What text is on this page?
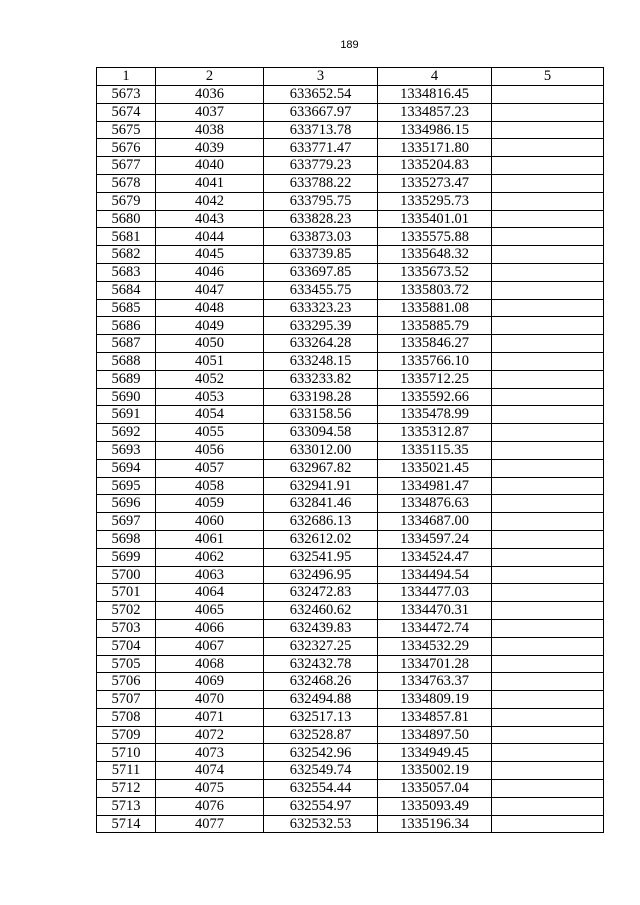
189
1	2	3	4	5
5673	4036	633652.54	1334816.45	
5674	4037	633667.97	1334857.23	
5675	4038	633713.78	1334986.15	
5676	4039	633771.47	1335171.80	
5677	4040	633779.23	1335204.83	
5678	4041	633788.22	1335273.47	
5679	4042	633795.75	1335295.73	
5680	4043	633828.23	1335401.01	
5681	4044	633873.03	1335575.88	
5682	4045	633739.85	1335648.32	
5683	4046	633697.85	1335673.52	
5684	4047	633455.75	1335803.72	
5685	4048	633323.23	1335881.08	
5686	4049	633295.39	1335885.79	
5687	4050	633264.28	1335846.27	
5688	4051	633248.15	1335766.10	
5689	4052	633233.82	1335712.25	
5690	4053	633198.28	1335592.66	
5691	4054	633158.56	1335478.99	
5692	4055	633094.58	1335312.87	
5693	4056	633012.00	1335115.35	
5694	4057	632967.82	1335021.45	
5695	4058	632941.91	1334981.47	
5696	4059	632841.46	1334876.63	
5697	4060	632686.13	1334687.00	
5698	4061	632612.02	1334597.24	
5699	4062	632541.95	1334524.47	
5700	4063	632496.95	1334494.54	
5701	4064	632472.83	1334477.03	
5702	4065	632460.62	1334470.31	
5703	4066	632439.83	1334472.74	
5704	4067	632327.25	1334532.29	
5705	4068	632432.78	1334701.28	
5706	4069	632468.26	1334763.37	
5707	4070	632494.88	1334809.19	
5708	4071	632517.13	1334857.81	
5709	4072	632528.87	1334897.50	
5710	4073	632542.96	1334949.45	
5711	4074	632549.74	1335002.19	
5712	4075	632554.44	1335057.04	
5713	4076	632554.97	1335093.49	
5714	4077	632532.53	1335196.34	
